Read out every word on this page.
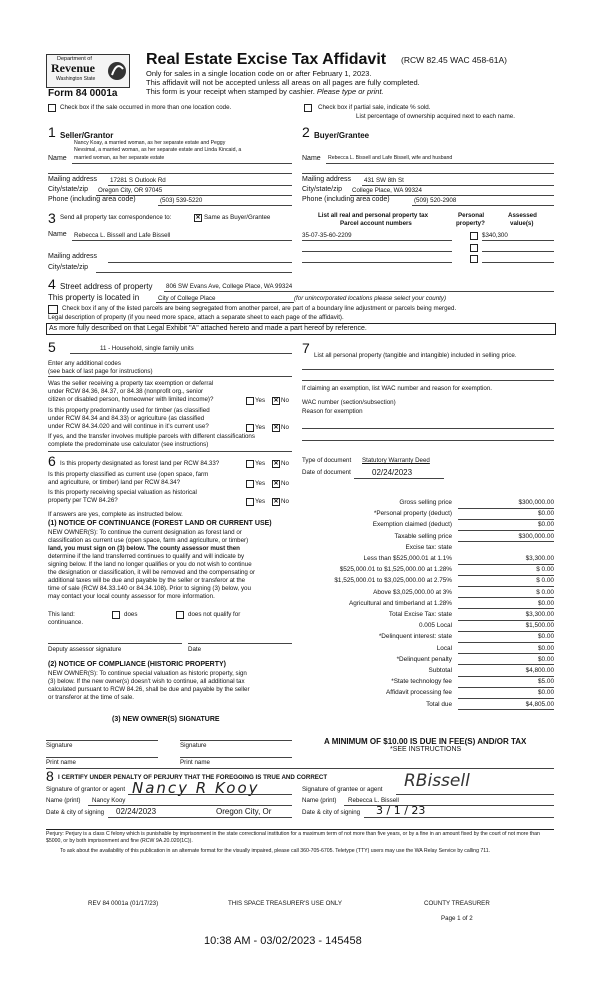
Department of
Revenue
Washington State
Form 84 0001a
Real Estate Excise Tax Affidavit (RCW 82.45 WAC 458-61A)
Only for sales in a single location code on or after February 1, 2023.
This affidavit will not be accepted unless all areas on all pages are fully completed.
This form is your receipt when stamped by cashier. Please type or print.
Check box if the sale occurred in more than one location code.	Check box if partial sale, indicate % sold.
List percentage of ownership acquired next to each name.
1 Seller/Grantor
Nancy Koay, a married woman, as her separate estate and Peggy
Nevsimal, a married woman, as her separate estate and Linda Kincaid, a
Name married woman, as her separate estate
Mailing address 17281 S Outlook Rd
City/state/zip Oregon City, OR 97045
Phone (including area code)	(503) 539-5220
2 Buyer/Grantee
Name Rebecca L. Bissell and Lafe Bissell, wife and husband
Mailing address 431 SW 8th St
City/state/zip College Place, WA 99324
Phone (including area code)	(509) 520-2908
3 Send all property tax correspondence to:	✕ Same as Buyer/Grantee
Name Rebecca L. Bissell and Lafe Bissell
Mailing address
City/state/zip
List all real and personal property tax
Parcel account numbers
Personal
property?
Assessed
value(s)
35-07-35-60-2209	$340,300
4 Street address of property 806 SW Evans Ave, College Place, WA 99324
This property is located in	City of College Place	(for unincorporated locations please select your county)
Check box if any of the listed parcels are being segregated from another parcel, are part of a boundary line adjustment or parcels being merged.
Legal description of property (if you need more space, attach a separate sheet to each page of the affidavit).
As more fully described on that Legal Exhibit "A" attached hereto and made a part hereof by reference.
5	11 - Household, single family units
Enter any additional codes
(see back of last page for instructions)
Was the seller receiving a property tax exemption or deferral
under RCW 84.36, 84.37, or 84.38 (nonprofit org., senior
citizen or disabled person, homeowner with limited income)?	Yes ✕ No
Is this property predominantly used for timber (as classified
under RCW 84.34 and 84.33) or agriculture (as classified
under RCW 84.34.020 and will continue in it's current use?	Yes ✕ No
If yes, and the transfer involves multiple parcels with different classifications
complete the predominate use calculator (see instructions)
6 Is this property designated as forest land per RCW 84.33?	Yes ✕ No
Is this property classified as current use (open space, farm
and agriculture, or timber) land per RCW 84.34?	Yes ✕ No
Is this property receiving special valuation as historical
property per TCW 84.26?	Yes ✕ No
If answers are yes, complete as instructed below.
(1) NOTICE OF CONTINUANCE (FOREST LAND OR CURRENT USE)
NEW OWNER(S): To continue the current designation as forest land or
classification as current use (open space, farm and agriculture, or timber)
land, you must sign on (3) below. The county assessor must then
determine if the land transferred continues to qualify and will indicate by
signing below. If the land no longer qualifies or you do not wish to continue
the designation or classification, it will be removed and the compensating or
additional taxes will be due and payable by the seller or transferor at the
time of sale (RCW 84.33.140 or 84.34.108). Prior to signing (3) below, you
may contact your local county assessor for more information.
This land:	does	does not qualify for
continuance.
Deputy assessor signature	Date
(2) NOTICE OF COMPLIANCE (HISTORIC PROPERTY)
NEW OWNER(S): To continue special valuation as historic property, sign
(3) below. If the new owner(s) doesn't wish to continue, all additional tax
calculated pursuant to RCW 84.26, shall be due and payable by the seller
or transferor at the time of sale.
(3) NEW OWNER(S) SIGNATURE
Signature	Signature
Print name	Print name
7 List all personal property (tangible and intangible) included in selling price.
If claiming an exemption, list WAC number and reason for exemption.
WAC number (section/subsection)
Reason for exemption
Type of document Statutory Warranty Deed
Date of document	02/24/2023
Gross selling price	$300,000.00
*Personal property (deduct)	$0.00
Exemption claimed (deduct)	$0.00
Taxable selling price	$300,000.00
Excise tax: state
Less than $525,000.01 at 1.1%	$3,300.00
$525,000.01 to $1,525,000.00 at 1.28%	$ 0.00
$1,525,000.01 to $3,025,000.00 at 2.75%	$ 0.00
Above $3,025,000.00 at 3%	$ 0.00
Agricultural and timberland at 1.28%	$0.00
Total Excise Tax: state	$3,300.00
0.005 Local	$1,500.00
*Delinquent interest: state	$0.00
Local	$0.00
*Delinquent penalty	$0.00
Subtotal	$4,800.00
*State technology fee	$5.00
Affidavit processing fee	$0.00
Total due	$4,805.00
A MINIMUM OF $10.00 IS DUE IN FEE(S) AND/OR TAX
*SEE INSTRUCTIONS
8 I CERTIFY UNDER PENALTY OF PERJURY THAT THE FOREGOING IS TRUE AND CORRECT
Signature of grantor or agent Nancy R Kooy
Name (print) Nancy Kooy
Date & city of signing 02/24/2023	Oregon City, Or
Signature of grantee or agent RBissell
Name (print) Rebecca L. Bissell
Date & city of signing 3 / 1 / 23
Perjury: Perjury is a class C felony which is punishable by imprisonment in the state correctional institution for a maximum term of not more than five years, or by a fine in an amount fixed by the court of not more than $5000, or by both imprisonment and fine (RCW 9A.20.020(1C)).
To ask about the availability of this publication in an alternate format for the visually impaired, please call 360-705-6705. Teletype (TTY) users may use the WA Relay Service by calling 711.
REV 84 0001a (01/17/23)	THIS SPACE TREASURER'S USE ONLY	COUNTY TREASURER
Page 1 of 2
10:38 AM - 03/02/2023 - 145458
